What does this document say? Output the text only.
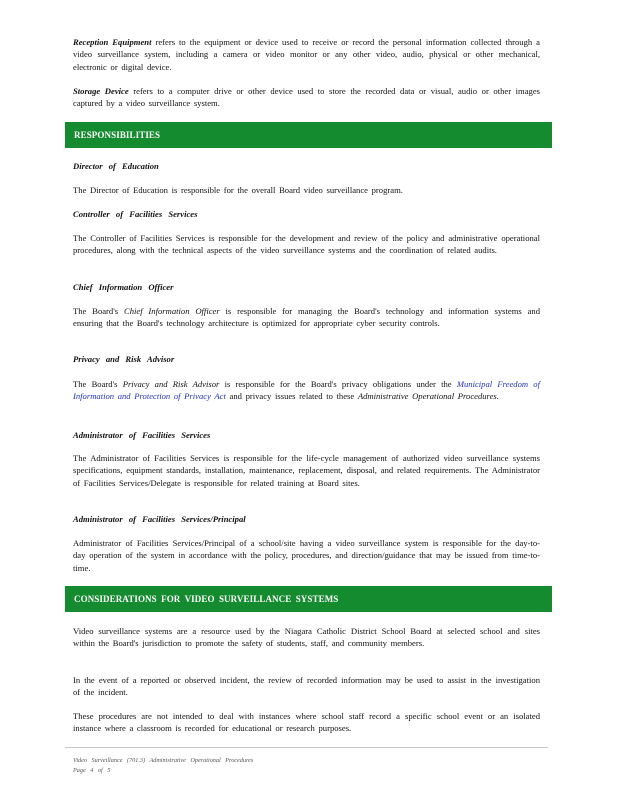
Reception Equipment refers to the equipment or device used to receive or record the personal information collected through a video surveillance system, including a camera or video monitor or any other video, audio, physical or other mechanical, electronic or digital device.

Storage Device refers to a computer drive or other device used to store the recorded data or visual, audio or other images captured by a video surveillance system.

RESPONSIBILITIES

Director of Education

The Director of Education is responsible for the overall Board video surveillance program.

Controller of Facilities Services

The Controller of Facilities Services is responsible for the development and review of the policy and administrative operational procedures, along with the technical aspects of the video surveillance systems and the coordination of related audits.

Chief Information Officer

The Board's Chief Information Officer is responsible for managing the Board's technology and information systems and ensuring that the Board's technology architecture is optimized for appropriate cyber security controls.

Privacy and Risk Advisor

The Board's Privacy and Risk Advisor is responsible for the Board's privacy obligations under the Municipal Freedom of Information and Protection of Privacy Act and privacy issues related to these Administrative Operational Procedures.

Administrator of Facilities Services

The Administrator of Facilities Services is responsible for the life-cycle management of authorized video surveillance systems specifications, equipment standards, installation, maintenance, replacement, disposal, and related requirements. The Administrator of Facilities Services/Delegate is responsible for related training at Board sites.

Administrator of Facilities Services/Principal

Administrator of Facilities Services/Principal of a school/site having a video surveillance system is responsible for the day-to-day operation of the system in accordance with the policy, procedures, and direction/guidance that may be issued from time-to-time.

CONSIDERATIONS FOR VIDEO SURVEILLANCE SYSTEMS

Video surveillance systems are a resource used by the Niagara Catholic District School Board at selected school and sites within the Board's jurisdiction to promote the safety of students, staff, and community members.

In the event of a reported or observed incident, the review of recorded information may be used to assist in the investigation of the incident.

These procedures are not intended to deal with instances where school staff record a specific school event or an isolated instance where a classroom is recorded for educational or research purposes.

Video Surveillance (701.3) Administrative Operational Procedures
Page 4 of 5
